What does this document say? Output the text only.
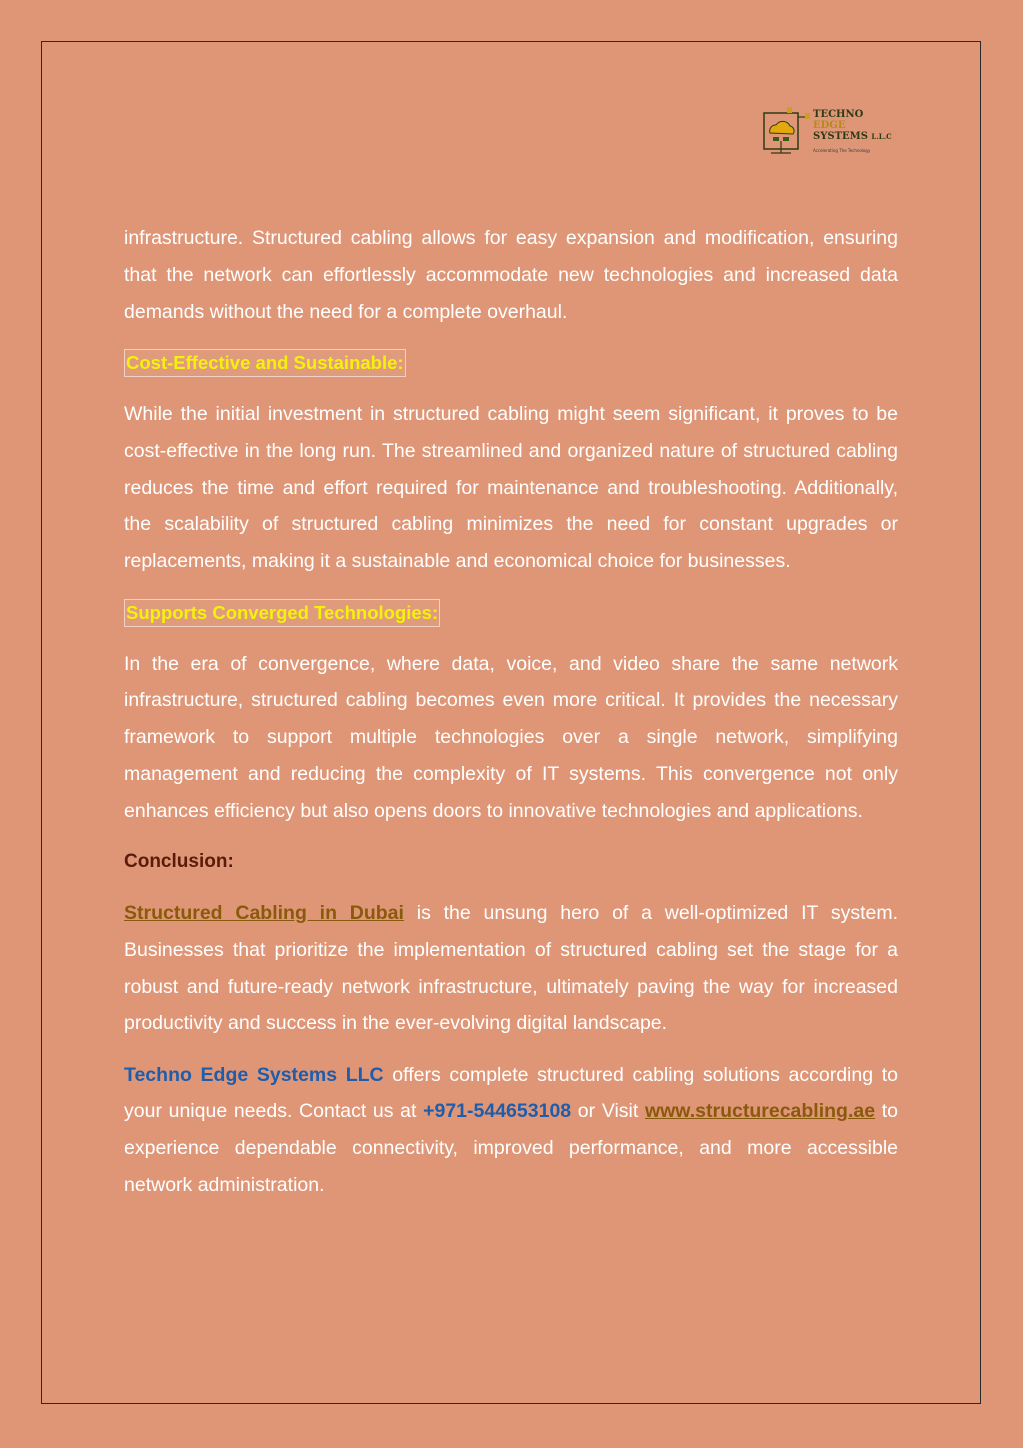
TECHNO
EDGE
SYSTEMS L.L.C
Accelerating The Technology

infrastructure. Structured cabling allows for easy expansion and modification, ensuring that the network can effortlessly accommodate new technologies and increased data demands without the need for a complete overhaul.

Cost-Effective and Sustainable:

While the initial investment in structured cabling might seem significant, it proves to be cost-effective in the long run. The streamlined and organized nature of structured cabling reduces the time and effort required for maintenance and troubleshooting. Additionally, the scalability of structured cabling minimizes the need for constant upgrades or replacements, making it a sustainable and economical choice for businesses.

Supports Converged Technologies:

In the era of convergence, where data, voice, and video share the same network infrastructure, structured cabling becomes even more critical. It provides the necessary framework to support multiple technologies over a single network, simplifying management and reducing the complexity of IT systems. This convergence not only enhances efficiency but also opens doors to innovative technologies and applications.

Conclusion:

Structured Cabling in Dubai is the unsung hero of a well-optimized IT system. Businesses that prioritize the implementation of structured cabling set the stage for a robust and future-ready network infrastructure, ultimately paving the way for increased productivity and success in the ever-evolving digital landscape.

Techno Edge Systems LLC offers complete structured cabling solutions according to your unique needs. Contact us at +971-544653108 or Visit www.structurecabling.ae to experience dependable connectivity, improved performance, and more accessible network administration.
